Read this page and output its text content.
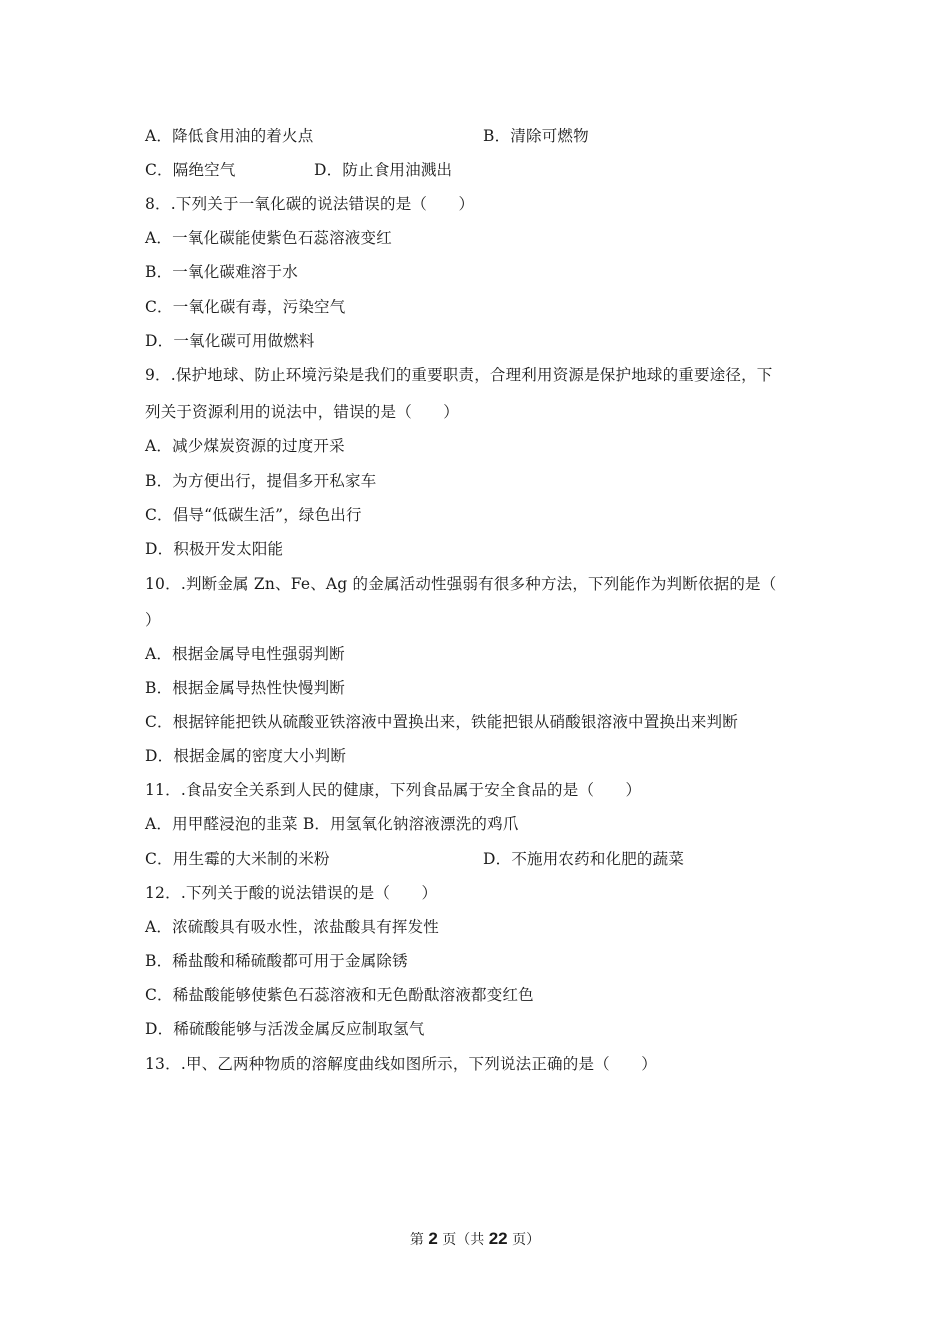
A．降低食用油的着火点	B．清除可燃物
C．隔绝空气	D．防止食用油溅出
8．.下列关于一氧化碳的说法错误的是（　　）
A．一氧化碳能使紫色石蕊溶液变红
B．一氧化碳难溶于水
C．一氧化碳有毒，污染空气
D．一氧化碳可用做燃料
9．.保护地球、防止环境污染是我们的重要职责，合理利用资源是保护地球的重要途径，下
列关于资源利用的说法中，错误的是（　　）
A．减少煤炭资源的过度开采
B．为方便出行，提倡多开私家车
C．倡导“低碳生活”，绿色出行
D．积极开发太阳能
10．.判断金属 Zn、Fe、Ag 的金属活动性强弱有很多种方法，下列能作为判断依据的是（
）
A．根据金属导电性强弱判断
B．根据金属导热性快慢判断
C．根据锌能把铁从硫酸亚铁溶液中置换出来，铁能把银从硝酸银溶液中置换出来判断
D．根据金属的密度大小判断
11．.食品安全关系到人民的健康，下列食品属于安全食品的是（　　）
A．用甲醛浸泡的韭菜 B．用氢氧化钠溶液漂洗的鸡爪
C．用生霉的大米制的米粉	D．不施用农药和化肥的蔬菜
12．.下列关于酸的说法错误的是（　　）
A．浓硫酸具有吸水性，浓盐酸具有挥发性
B．稀盐酸和稀硫酸都可用于金属除锈
C．稀盐酸能够使紫色石蕊溶液和无色酚酞溶液都变红色
D．稀硫酸能够与活泼金属反应制取氢气
13．.甲、乙两种物质的溶解度曲线如图所示，下列说法正确的是（　　）
第 2 页（共 22 页）
